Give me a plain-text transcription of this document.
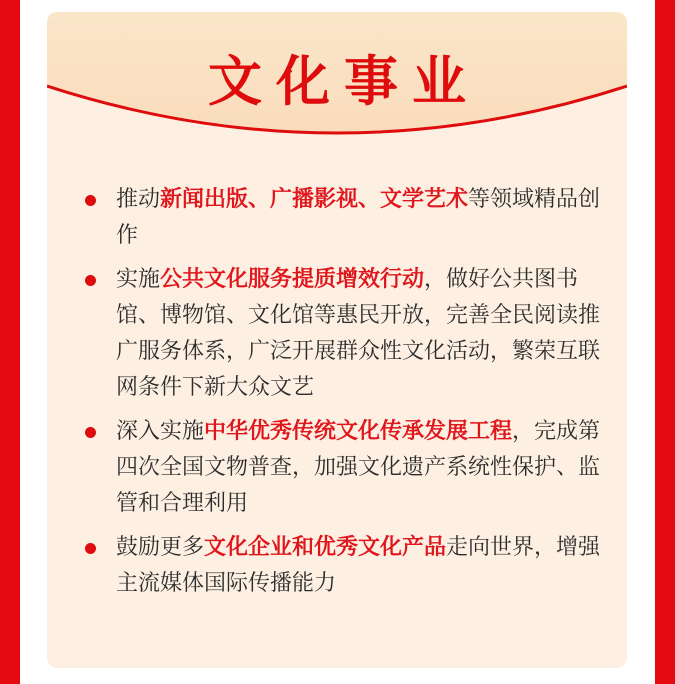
文化事业
推动新闻出版、广播影视、文学艺术等领域精品创作
实施公共文化服务提质增效行动，做好公共图书馆、博物馆、文化馆等惠民开放，完善全民阅读推广服务体系，广泛开展群众性文化活动，繁荣互联网条件下新大众文艺
深入实施中华优秀传统文化传承发展工程，完成第四次全国文物普查，加强文化遗产系统性保护、监管和合理利用
鼓励更多文化企业和优秀文化产品走向世界，增强主流媒体国际传播能力
